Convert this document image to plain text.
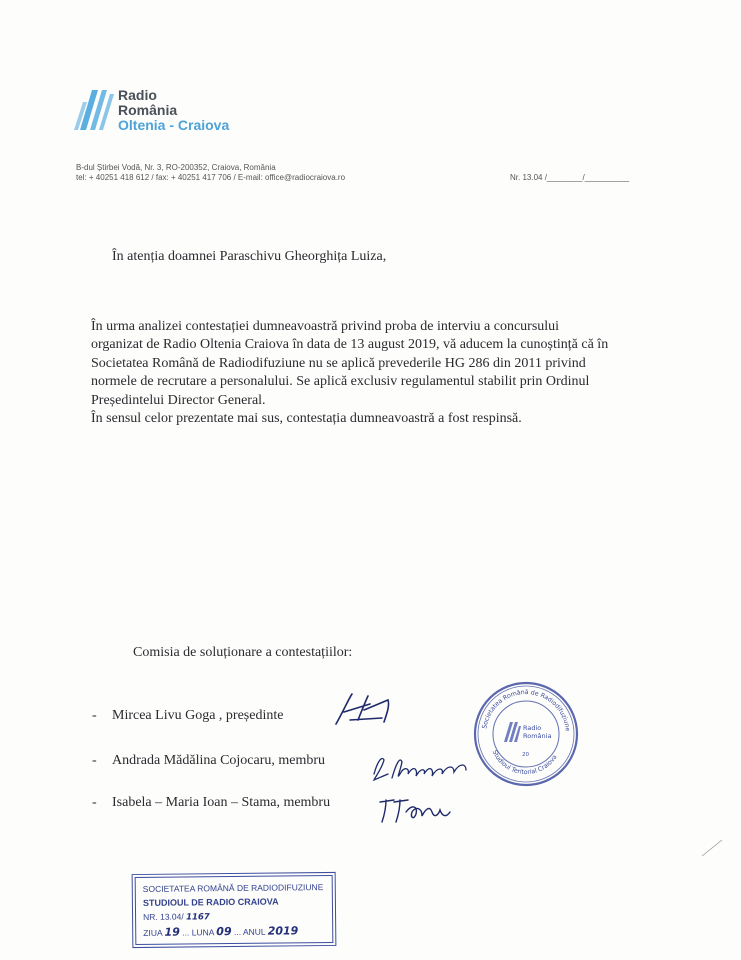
Radio
România
Oltenia - Craiova
B-dul Știrbei Vodă, Nr. 3, RO-200352, Craiova, România
tel: + 40251 418 612 / fax: + 40251 417 706 / E-mail: office@radiocraiova.ro	Nr. 13.04 /________/__________
În atenția doamnei Paraschivu Gheorghița Luiza,

În urma analizei contestației dumneavoastră privind proba de interviu a concursului

organizat de Radio Oltenia Craiova în data de 13 august 2019, vă aducem la cunoștință că în

Societatea Română de Radiodifuziune nu se aplică prevederile HG 286 din 2011 privind

normele de recrutare a personalului. Se aplică exclusiv regulamentul stabilit prin Ordinul

Președintelui Director General.

În sensul celor prezentate mai sus, contestația dumneavoastră a fost respinsă.

Comisia de soluționare a contestațiilor:
- Mircea Livu Goga , președinte
- Andrada Mădălina Cojocaru, membru
- Isabela – Maria Ioan – Stama, membru
Societatea Română de Radiodifuziune
Studioul Teritorial Craiova
Radio
România
20
SOCIETATEA ROMÂNĂ DE RADIODIFUZIUNE
STUDIOUL DE RADIO CRAIOVA
NR. 13.04/ 1167
ZIUA 19 ... LUNA 09 ... ANUL 2019
